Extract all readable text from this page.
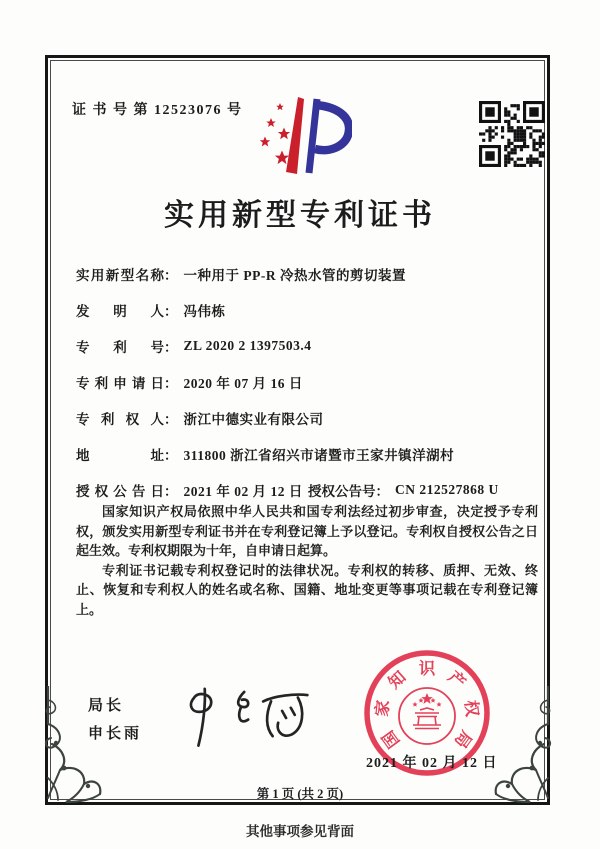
证 书 号 第 12523076 号
实用新型专利证书
实用新型名称 ： 一种用于 PP-R 冷热水管的剪切装置
发明人 ： 冯伟栋
专利号 ： ZL 2020 2 1397503.4
专利申请日 ： 2020 年 07 月 16 日
专利权人 ： 浙江中德实业有限公司
地址 ： 311800 浙江省绍兴市诸暨市王家井镇洋湖村
授权公告日 ： 2021 年 02 月 12 日 授权公告号 ： CN 212527868 U

国家知识产权局依照中华人民共和国专利法经过初步审查，决定授予专利权，颁发实用新型专利证书并在专利登记簿上予以登记。专利权自授权公告之日起生效。专利权期限为十年，自申请日起算。

专利证书记载专利权登记时的法律状况。专利权的转移、质押、无效、终止、恢复和专利权人的姓名或名称、国籍、地址变更等事项记载在专利登记簿上。

局长
申长雨	国
家
知 识 产
权
局
2021 年 02 月 12 日
第 1 页 (共 2 页)
其他事项参见背面
